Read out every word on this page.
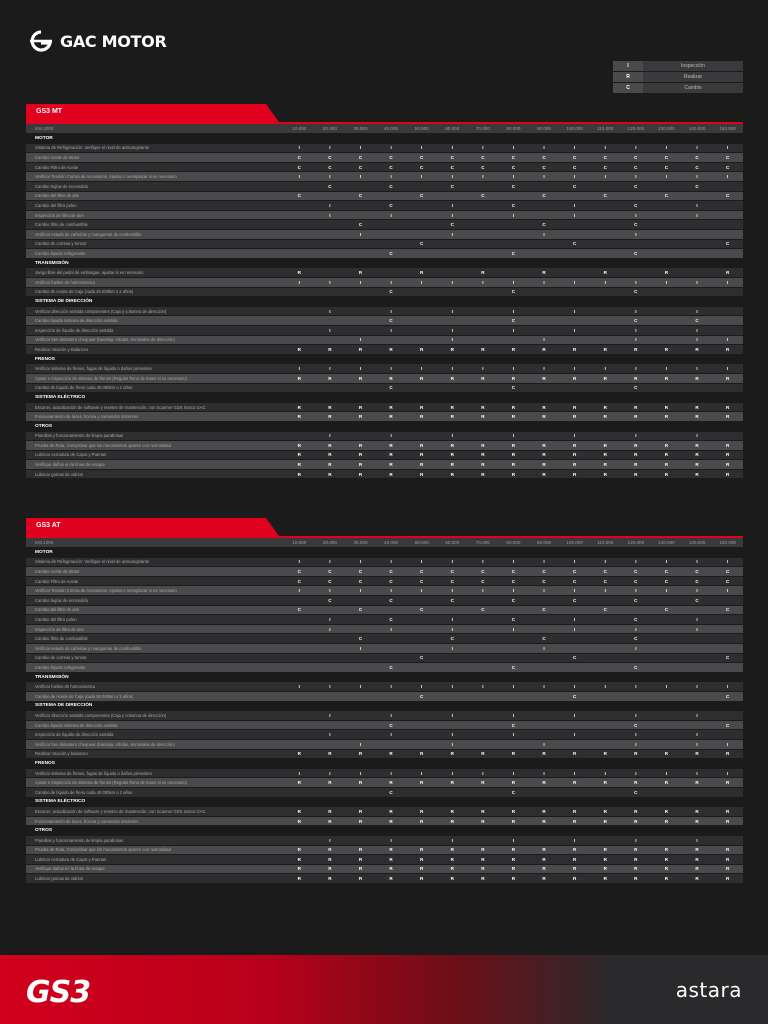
GAC MOTOR
I	Inspección
R	Realizar
C	Cambio
GS3 MT
KM.1000	10.000	20.000	30.000	40.000	50.000	60.000	70.000	80.000	90.000	100.000	110.000	120.000	130.000	140.000	150.000
MOTOR															
Sistema de Refrigeración: Verifique el nivel de anticongelante	I	I	I	I	I	I	I	I	I	I	I	I	I	I	I
Cambio Aceite de Motor	C	C	C	C	C	C	C	C	C	C	C	C	C	C	C
Cambio Filtro de Aceite	C	C	C	C	C	C	C	C	C	C	C	C	C	C	C
Verificar Tensión Correa de Accesorios, Ajustar o reemplazar si es necesario	I	I	I	I	I	I	I	I	I	I	I	I	I	I	I
Cambio bujías de encendido		C		C		C		C		C		C		C	
Cambio del filtro de aire	C		C		C		C		C		C		C		C
Cambio del filtro polen		I		C		I		C		I		C		I	
Inspección de filtro de aire		I		I		I		I		I		I		I	
Cambio filtro de combustible			C			C			C			C			
Verificar estado de cañerías y mangueras de combustible			I			I			I			I			
Cambio de correas y tensor					C					C					C
Cambio líquido refrigerante				C				C				C			
TRANSMISIÓN															
Juego libre del pedal de embrague, ajustar si es necesario	R		R		R		R		R		R		R		R
Verificar fuelles de homocinetica	I	I	I	I	I	I	I	I	I	I	I	I	I	I	I
Cambio de Aceite de Caja (cada 40.000km o 2 años)				C				C				C			
SISTEMA DE DIRECCIÓN															
Verificar dirección asistida componentes (Caja y columna de dirección)		I		I		I		I		I		I		I	
Cambio líquido sistema de dirección asistida				C				C				C		C	
Inspección de líquido de dirección asistida		I		I		I		I		I		I		I	
Verificar tren delantero chequear (bandeja, rótulas, terminales de dirección)			I			I			I			I		I	I
Realizar rotación y Balanceo	R	R	R	R	R	R	R	R	R	R	R	R	R	R	R
FRENOS															
Verificar sistema de frenos, fugas de líquido o daños presentes	I	I	I	I	I	I	I	I	I	I	I	I	I	I	I
Ajuste e inspección de sistema de frenos (Regular freno de mano si es necesario)	R	R	R	R	R	R	R	R	R	R	R	R	R	R	R
Cambio de líquido de freno cada 40.000km o 2 años				C				C				C			
SISTEMA ELÉCTRICO															
Escaner, actualización de software y reseteo de mantención, con Scanner GDS marca GAC	R	R	R	R	R	R	R	R	R	R	R	R	R	R	R
Funcionamiento de luces, bocina y comandos interiores	R	R	R	R	R	R	R	R	R	R	R	R	R	R	R
OTROS															
Plumillas y funcionamiento de limpia parabrisas		I		I		I		I		I		I		I	
Prueba de Ruta. Comprobar que los mecanismos operen con normalidad	R	R	R	R	R	R	R	R	R	R	R	R	R	R	R
Lubricar cerradura de Capot y Puertas	R	R	R	R	R	R	R	R	R	R	R	R	R	R	R
Verifique daños en la línea de escape	R	R	R	R	R	R	R	R	R	R	R	R	R	R	R
Lubricar gomas de vidrios	R	R	R	R	R	R	R	R	R	R	R	R	R	R	R
GS3 AT
KM.1000	10.000	20.000	30.000	40.000	50.000	60.000	70.000	80.000	90.000	100.000	110.000	120.000	130.000	140.000	150.000
MOTOR															
Sistema de Refrigeración: Verifique el nivel de anticongelante	I	I	I	I	I	I	I	I	I	I	I	I	I	I	I
Cambio Aceite de Motor	C	C	C	C	C	C	C	C	C	C	C	C	C	C	C
Cambio Filtro de Aceite	C	C	C	C	C	C	C	C	C	C	C	C	C	C	C
Verificar Tensión Correa de Accesorios, Ajustar o reemplazar si es necesario	I	I	I	I	I	I	I	I	I	I	I	I	I	I	I
Cambio bujías de encendido		C		C		C		C		C		C		C	
Cambio del filtro de aire	C		C		C		C		C		C		C		C
Cambio del filtro polen		I		C		I		C		I		C		I	
Inspección de filtro de aire		I		I		I		I		I		I		I	
Cambio filtro de combustible			C			C			C			C			
Verificar estado de cañerías y mangueras de combustible			I			I			I			I			
Cambio de correas y tensor					C					C					C
Cambio líquido refrigerante				C				C				C			
TRANSMISIÓN															
Verificar fuelles de homocinetica	I	I	I	I	I	I	I	I	I	I	I	I	I	I	I
Cambio de Aceite de Caja (cada 50.000km o 3 años)					C					C					C
SISTEMA DE DIRECCIÓN															
Verificar dirección asistida componentes (Caja y columna de dirección)		I		I		I		I		I		I		I	
Cambio líquido sistema de dirección asistida				C				C				C			C
Inspección de líquido de dirección asistida		I		I		I		I		I		I		I	
Verificar tren delantero chequear (bandeja, rótulas, terminales de dirección)			I			I			I			I		I	I
Realizar rotación y balanceo	R	R	R	R	R	R	R	R	R	R	R	R	R	R	R
FRENOS															
Verificar sistema de frenos, fugas de líquido o daños presentes	I	I	I	I	I	I	I	I	I	I	I	I	I	I	I
Ajuste e inspección de sistema de frenos (Regular freno de mano si es necesario)	R	R	R	R	R	R	R	R	R	R	R	R	R	R	R
Cambio de líquido de freno cada 40.000km o 2 años				C				C				C			
SISTEMA ELÉCTRICO															
Escaner, actualización de software y reseteo de mantención, con Scanner GDS marca GAC	R	R	R	R	R	R	R	R	R	R	R	R	R	R	R
Funcionamiento de luces, bocina y comandos interiores	R	R	R	R	R	R	R	R	R	R	R	R	R	R	R
OTROS															
Plumillas y funcionamiento de limpia parabrisas		I		I		I		I		I		I		I	
Prueba de Ruta. Comprobar que los mecanismos operen con normalidad	R	R	R	R	R	R	R	R	R	R	R	R	R	R	R
Lubricar cerradura de Capot y Puertas	R	R	R	R	R	R	R	R	R	R	R	R	R	R	R
Verifique daños en la línea de escape	R	R	R	R	R	R	R	R	R	R	R	R	R	R	R
Lubricar gomas de vidrios	R	R	R	R	R	R	R	R	R	R	R	R	R	R	R
GS3	astara
